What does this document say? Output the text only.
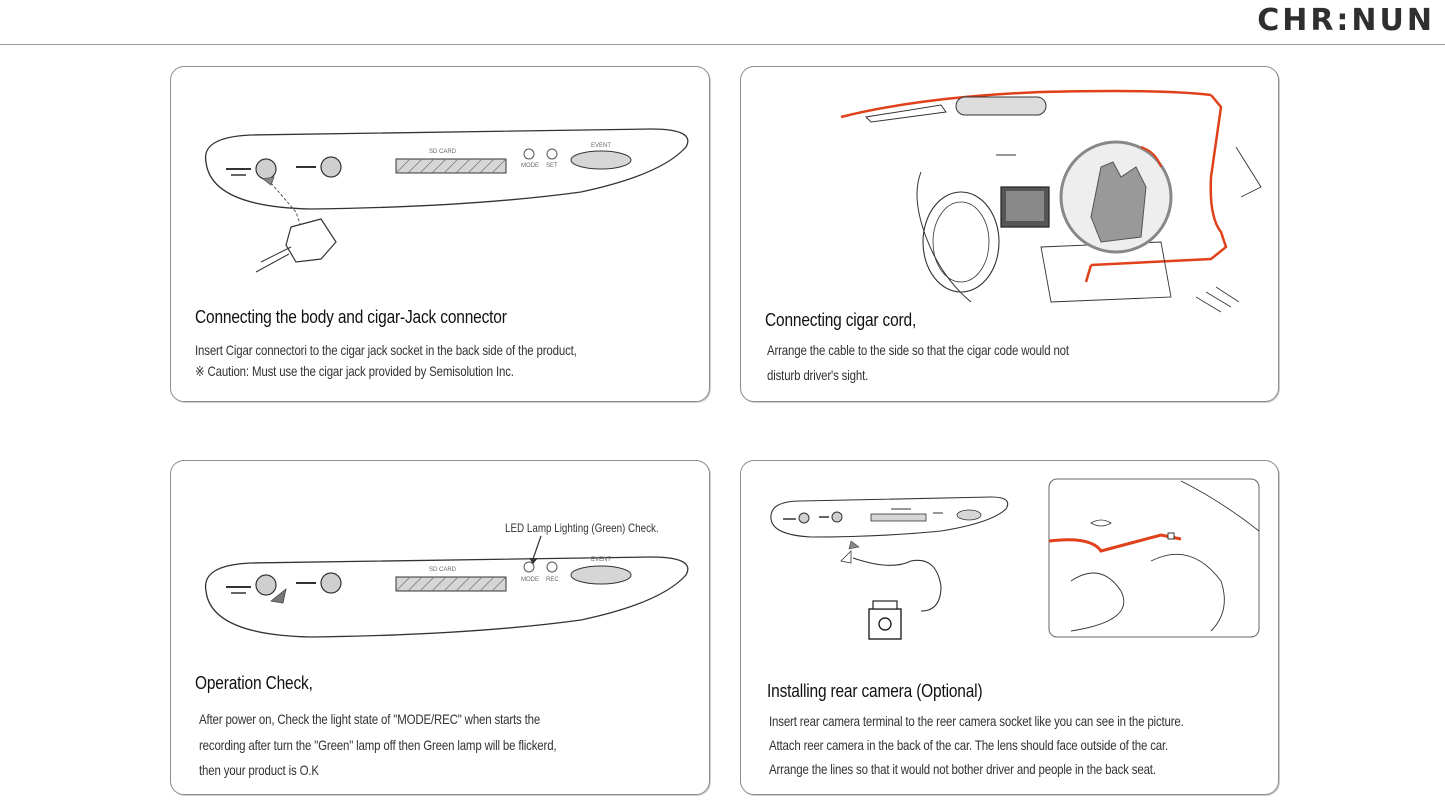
CHR:NUN
SD CARD
MODE SET
EVENT
Connecting the body and cigar-Jack connector
Insert Cigar connectori to the cigar jack socket in the back side of the product,
※ Caution: Must use the cigar jack provided by Semisolution Inc.
Connecting cigar cord,
Arrange the cable to the side so that the cigar code would not
disturb driver's sight.
SD CARD
MODE REC
EVENT
LED Lamp Lighting (Green) Check.
Operation Check,
After power on, Check the light state of "MODE/REC" when starts the
recording after turn the "Green" lamp off then Green lamp will be flickerd,
then your product is O.K
Installing rear camera (Optional)
Insert rear camera terminal to the reer camera socket like you can see in the picture.
Attach reer camera in the back of the car. The lens should face outside of the car.
Arrange the lines so that it would not bother driver and people in the back seat.
